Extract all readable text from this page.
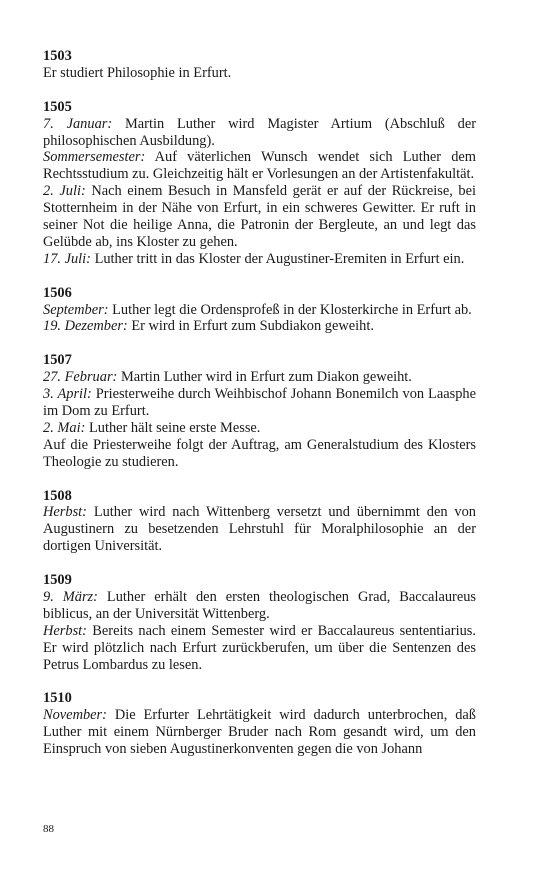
1503
Er studiert Philosophie in Erfurt.
1505
7. Januar: Martin Luther wird Magister Artium (Abschluß der philosophischen Ausbildung).
Sommersemester: Auf väterlichen Wunsch wendet sich Luther dem Rechtsstudium zu. Gleichzeitig hält er Vorlesungen an der Artistenfakultät.
2. Juli: Nach einem Besuch in Mansfeld gerät er auf der Rückreise, bei Stotternheim in der Nähe von Erfurt, in ein schweres Gewitter. Er ruft in seiner Not die heilige Anna, die Patronin der Bergleute, an und legt das Gelübde ab, ins Kloster zu gehen.
17. Juli: Luther tritt in das Kloster der Augustiner-Eremiten in Erfurt ein.
1506
September: Luther legt die Ordensprofeß in der Klosterkirche in Erfurt ab.
19. Dezember: Er wird in Erfurt zum Subdiakon geweiht.
1507
27. Februar: Martin Luther wird in Erfurt zum Diakon geweiht.
3. April: Priesterweihe durch Weihbischof Johann Bonemilch von Laasphe im Dom zu Erfurt.
2. Mai: Luther hält seine erste Messe.
Auf die Priesterweihe folgt der Auftrag, am Generalstudium des Klosters Theologie zu studieren.
1508
Herbst: Luther wird nach Wittenberg versetzt und übernimmt den von Augustinern zu besetzenden Lehrstuhl für Moralphilosophie an der dortigen Universität.
1509
9. März: Luther erhält den ersten theologischen Grad, Baccalaureus biblicus, an der Universität Wittenberg.
Herbst: Bereits nach einem Semester wird er Baccalaureus sententiarius. Er wird plötzlich nach Erfurt zurückberufen, um über die Sentenzen des Petrus Lombardus zu lesen.
1510
November: Die Erfurter Lehrtätigkeit wird dadurch unterbrochen, daß Luther mit einem Nürnberger Bruder nach Rom gesandt wird, um den Einspruch von sieben Augustinerkonventen gegen die von Johann
88
